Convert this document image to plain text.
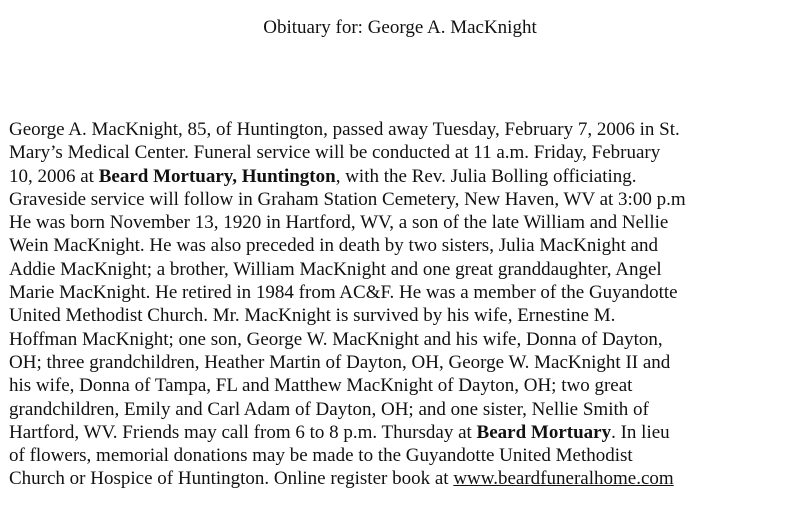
Obituary for: George A. MacKnight
George A. MacKnight, 85, of Huntington, passed away Tuesday, February 7, 2006 in St.
Mary’s Medical Center. Funeral service will be conducted at 11 a.m. Friday, February
10, 2006 at Beard Mortuary, Huntington, with the Rev. Julia Bolling officiating.
Graveside service will follow in Graham Station Cemetery, New Haven, WV at 3:00 p.m
He was born November 13, 1920 in Hartford, WV, a son of the late William and Nellie
Wein MacKnight. He was also preceded in death by two sisters, Julia MacKnight and
Addie MacKnight; a brother, William MacKnight and one great granddaughter, Angel
Marie MacKnight. He retired in 1984 from AC&F. He was a member of the Guyandotte
United Methodist Church. Mr. MacKnight is survived by his wife, Ernestine M.
Hoffman MacKnight; one son, George W. MacKnight and his wife, Donna of Dayton,
OH; three grandchildren, Heather Martin of Dayton, OH, George W. MacKnight II and
his wife, Donna of Tampa, FL and Matthew MacKnight of Dayton, OH; two great
grandchildren, Emily and Carl Adam of Dayton, OH; and one sister, Nellie Smith of
Hartford, WV. Friends may call from 6 to 8 p.m. Thursday at Beard Mortuary. In lieu
of flowers, memorial donations may be made to the Guyandotte United Methodist
Church or Hospice of Huntington. Online register book at www.beardfuneralhome.com
